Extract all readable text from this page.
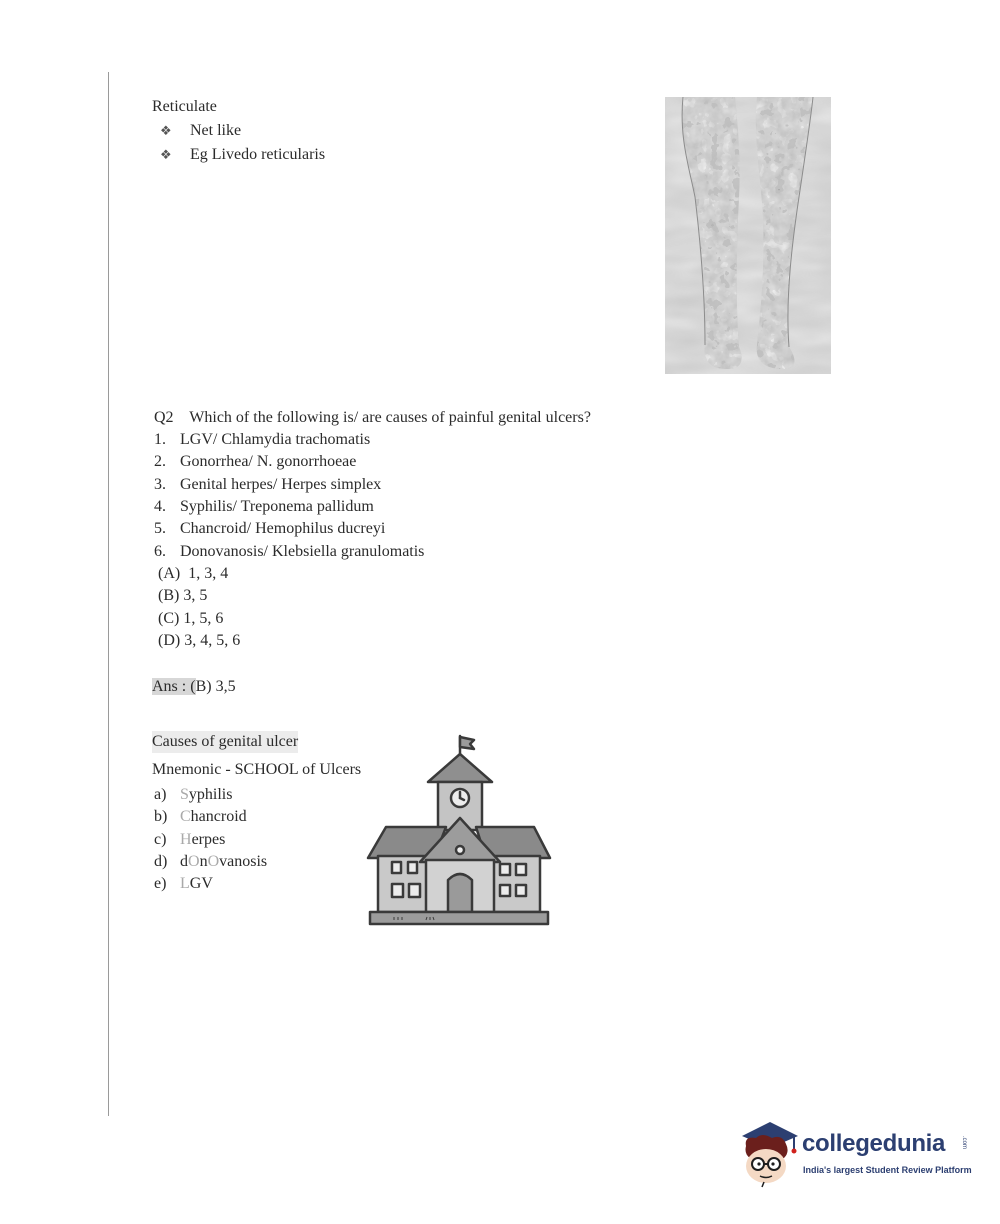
Reticulate
❖ Net like
❖ Eg Livedo reticularis
Q2 Which of the following is/ are causes of painful genital ulcers?
1. LGV/ Chlamydia trachomatis
2. Gonorrhea/ N. gonorrhoeae
3. Genital herpes/ Herpes simplex
4. Syphilis/ Treponema pallidum
5. Chancroid/ Hemophilus ducreyi
6. Donovanosis/ Klebsiella granulomatis
(A) 1, 3, 4
(B) 3, 5
(C) 1, 5, 6
(D) 3, 4, 5, 6
Ans : (B) 3,5
Causes of genital ulcer
Mnemonic - SCHOOL of Ulcers
a) Syphilis
b) Chancroid
c) Herpes
d) dOnOvanosis
e) LGV
collegedunia	.com
India's largest Student Review Platform
